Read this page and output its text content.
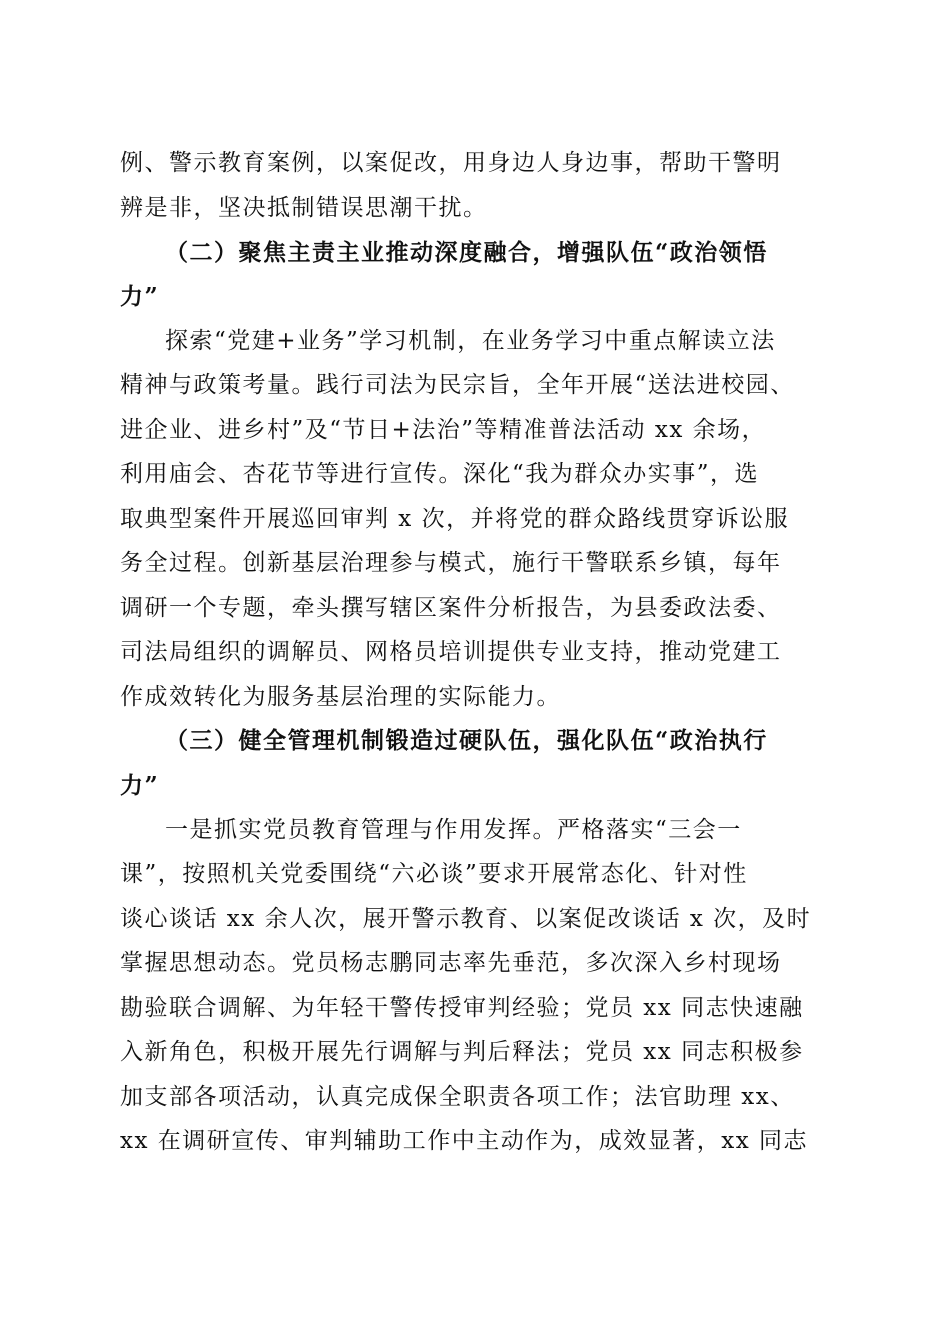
例、警示教育案例，以案促改，用身边人身边事，帮助干警明
辨是非，坚决抵制错误思潮干扰。
（二）聚焦主责主业推动深度融合，增强队伍“政治领悟
力”
探索“党建+业务”学习机制，在业务学习中重点解读立法
精神与政策考量。践行司法为民宗旨，全年开展“送法进校园、
进企业、进乡村”及“节日+法治”等精准普法活动 xx 余场，
利用庙会、杏花节等进行宣传。深化“我为群众办实事”，选
取典型案件开展巡回审判 x 次，并将党的群众路线贯穿诉讼服
务全过程。创新基层治理参与模式，施行干警联系乡镇，每年
调研一个专题，牵头撰写辖区案件分析报告，为县委政法委、
司法局组织的调解员、网格员培训提供专业支持，推动党建工
作成效转化为服务基层治理的实际能力。
（三）健全管理机制锻造过硬队伍，强化队伍“政治执行
力”
一是抓实党员教育管理与作用发挥。严格落实“三会一
课”，按照机关党委围绕“六必谈”要求开展常态化、针对性
谈心谈话 xx 余人次，展开警示教育、以案促改谈话 x 次，及时
掌握思想动态。党员杨志鹏同志率先垂范，多次深入乡村现场
勘验联合调解、为年轻干警传授审判经验；党员 xx 同志快速融
入新角色，积极开展先行调解与判后释法；党员 xx 同志积极参
加支部各项活动，认真完成保全职责各项工作；法官助理 xx、
xx 在调研宣传、审判辅助工作中主动作为，成效显著，xx 同志
